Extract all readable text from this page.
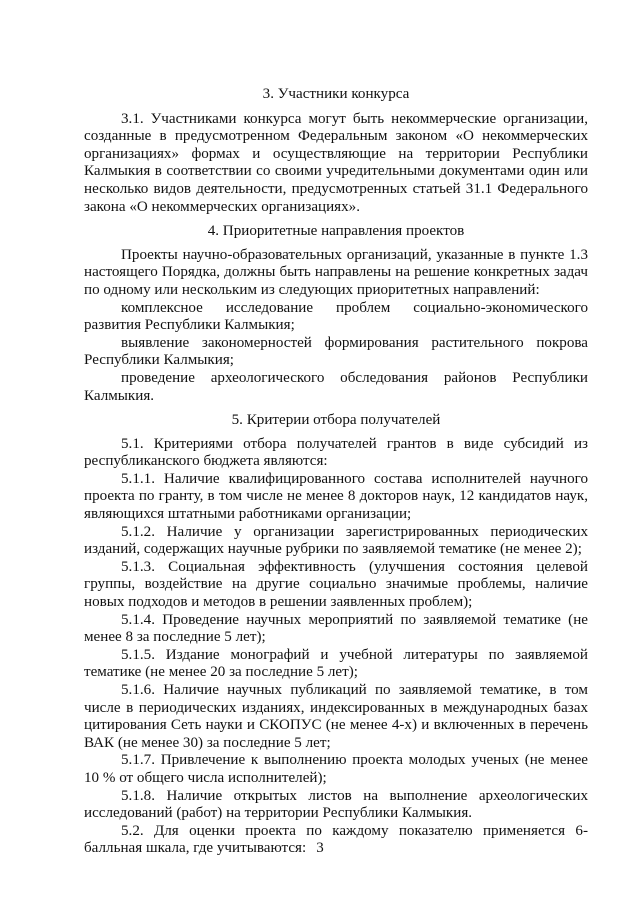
3. Участники конкурса

3.1. Участниками конкурса могут быть некоммерческие организации, созданные в предусмотренном Федеральным законом «О некоммерческих организациях» формах и осуществляющие на территории Республики Калмыкия в соответствии со своими учредительными документами один или несколько видов деятельности, предусмотренных статьей 31.1 Федерального закона «О некоммерческих организациях».

4. Приоритетные направления проектов

Проекты научно-образовательных организаций, указанные в пункте 1.3 настоящего Порядка, должны быть направлены на решение конкретных задач по одному или нескольким из следующих приоритетных направлений:

комплексное исследование проблем социально-экономического развития Республики Калмыкия;

выявление закономерностей формирования растительного покрова Республики Калмыкия;

проведение археологического обследования районов Республики Калмыкия.

5. Критерии отбора получателей

5.1. Критериями отбора получателей грантов в виде субсидий из республиканского бюджета являются:

5.1.1. Наличие квалифицированного состава исполнителей научного проекта по гранту, в том числе не менее 8 докторов наук, 12 кандидатов наук, являющихся штатными работниками организации;

5.1.2. Наличие у организации зарегистрированных периодических изданий, содержащих научные рубрики по заявляемой тематике (не менее 2);

5.1.3. Социальная эффективность (улучшения состояния целевой группы, воздействие на другие социально значимые проблемы, наличие новых подходов и методов в решении заявленных проблем);

5.1.4. Проведение научных мероприятий по заявляемой тематике (не менее 8 за последние 5 лет);

5.1.5. Издание монографий и учебной литературы по заявляемой тематике (не менее 20 за последние 5 лет);

5.1.6. Наличие научных публикаций по заявляемой тематике, в том числе в периодических изданиях, индексированных в международных базах цитирования Сеть науки и СКОПУС (не менее 4-х) и включенных в перечень ВАК (не менее 30) за последние 5 лет;

5.1.7. Привлечение к выполнению проекта молодых ученых (не менее 10 % от общего числа исполнителей);

5.1.8. Наличие открытых листов на выполнение археологических исследований (работ) на территории Республики Калмыкия.

5.2. Для оценки проекта по каждому показателю применяется 6-балльная шкала, где учитываются: 3
